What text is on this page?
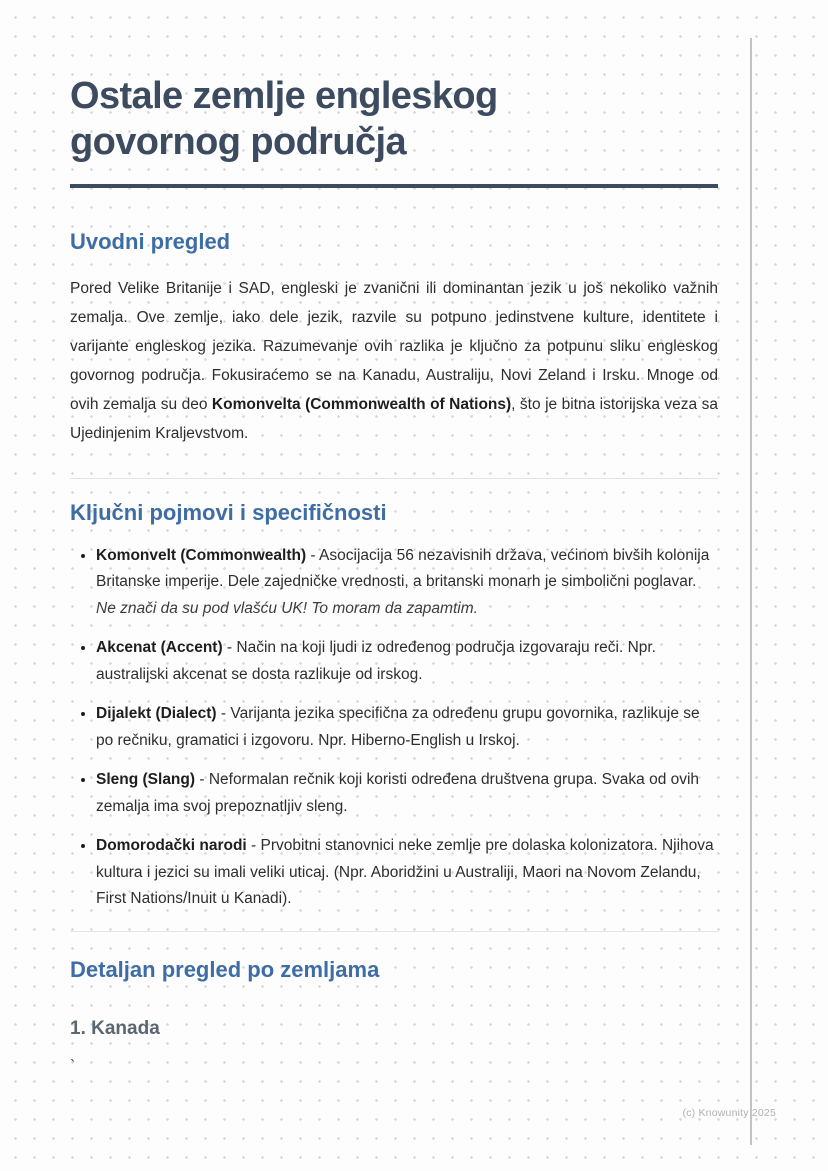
Ostale zemlje engleskog
govornog područja
Uvodni pregled

Pored Velike Britanije i SAD, engleski je zvanični ili dominantan jezik u još nekoliko važnih zemalja. Ove zemlje, iako dele jezik, razvile su potpuno jedinstvene kulture, identitete i varijante engleskog jezika. Razumevanje ovih razlika je ključno za potpunu sliku engleskog govornog područja. Fokusiraćemo se na Kanadu, Australiju, Novi Zeland i Irsku. Mnoge od ovih zemalja su deo Komonvelta (Commonwealth of Nations), što je bitna istorijska veza sa Ujedinjenim Kraljevstvom.

Ključni pojmovi i specifičnosti
• Komonvelt (Commonwealth) - Asocijacija 56 nezavisnih država, većinom bivših kolonija Britanske imperije. Dele zajedničke vrednosti, a britanski monarh je simbolični poglavar. Ne znači da su pod vlašću UK! To moram da zapamtim.
• Akcenat (Accent) - Način na koji ljudi iz određenog područja izgovaraju reči. Npr. australijski akcenat se dosta razlikuje od irskog.
• Dijalekt (Dialect) - Varijanta jezika specifična za određenu grupu govornika, razlikuje se po rečniku, gramatici i izgovoru. Npr. Hiberno-English u Irskoj.
• Sleng (Slang) - Neformalan rečnik koji koristi određena društvena grupa. Svaka od ovih zemalja ima svoj prepoznatljiv sleng.
• Domorodački narodi - Prvobitni stanovnici neke zemlje pre dolaska kolonizatora. Njihova kultura i jezici su imali veliki uticaj. (Npr. Aboridžini u Australiji, Maori na Novom Zelandu, First Nations/Inuit u Kanadi).
Detaljan pregled po zemljama
1. Kanada
`
(c) Knowunity 2025
